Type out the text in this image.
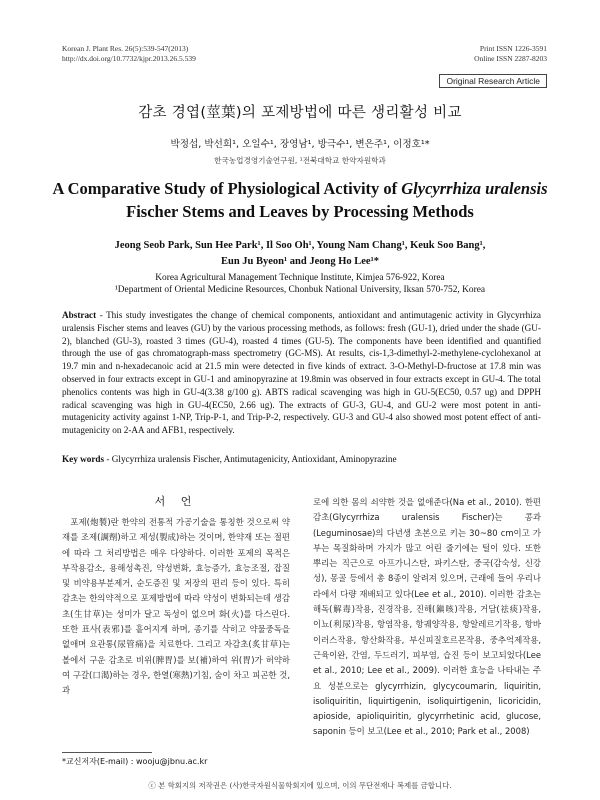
Korean J. Plant Res. 26(5):539-547(2013)
http://dx.doi.org/10.7732/kjpr.2013.26.5.539
Print ISSN 1226-3591
Online ISSN 2287-8203
Original Research Article
감초 경엽(莖葉)의 포제방법에 따른 생리활성 비교
박정섭, 박선희¹, 오일수¹, 장영남¹, 방극수¹, 변은주¹, 이정호¹*
한국농업경영기술연구원, ¹전북대학교 한약자원학과
A Comparative Study of Physiological Activity of Glycyrrhiza uralensis
Fischer Stems and Leaves by Processing Methods
Jeong Seob Park, Sun Hee Park¹, Il Soo Oh¹, Young Nam Chang¹, Keuk Soo Bang¹,
Eun Ju Byeon¹ and Jeong Ho Lee¹*
Korea Agricultural Management Technique Institute, Kimjea 576-922, Korea
¹Department of Oriental Medicine Resources, Chonbuk National University, Iksan 570-752, Korea
Abstract - This study investigates the change of chemical components, antioxidant and antimutagenic activity in Glycyrrhiza uralensis Fischer stems and leaves (GU) by the various processing methods, as follows: fresh (GU-1), dried under the shade (GU-2), blanched (GU-3), roasted 3 times (GU-4), roasted 4 times (GU-5). The components have been identified and quantified through the use of gas chromatograph-mass spectrometry (GC-MS). At results, cis-1,3-dimethyl-2-methylene-cyclohexanol at 19.7 min and n-hexadecanoic acid at 21.5 min were detected in five kinds of extract. 3-O-Methyl-D-fructose at 17.8 min was observed in four extracts except in GU-1 and aminopyrazine at 19.8min was observed in four extracts except in GU-4. The total phenolics contents was high in GU-4(3.38 g/100 g). ABTS radical scavenging was high in GU-5(EC50, 0.57 ug) and DPPH radical scavenging was high in GU-4(EC50, 2.66 ug). The extracts of GU-3, GU-4, and GU-2 were most potent in anti-mutagenicity activity against 1-NP, Trip-P-1, and Trip-P-2, respectively. GU-3 and GU-4 also showed most potent effect of anti-mutagenicity on 2-AA and AFB1, respectively.
Key words - Glycyrrhiza uralensis Fischer, Antimutagenicity, Antioxidant, Aminopyrazine
서 언

포제(炮製)란 한약의 전통적 가공기술을 통칭한 것으로써 약재를 조제(調劑)하고 제성(製成)하는 것이며, 한약재 또는 절편에 따라 그 처리방법은 매우 다양하다. 이러한 포제의 목적은 부작용감소, 용해성촉진, 약성변화, 효능증가, 효능조절, 잡질 및 비약용부분제거, 순도증진 및 저장의 편리 등이 있다. 특히 감초는 한의약적으로 포제방법에 따라 약성이 변화되는데 생감초(生甘草)는 성미가 달고 독성이 없으며 화(火)를 다스린다. 또한 표사(表邪)를 흩어지게 하며, 종기를 삭히고 약물중독을 없애며 요관통(尿管痛)을 치료한다. 그리고 자감초(炙甘草)는 볼에서 구운 감초로 비위(脾胃)를 보(補)하여 위(胃)가 허약하여 구갈(口渴)하는 경우, 한열(寒熱)기침, 숨이 차고 피곤한 것, 과

로에 의한 몸의 쇠약한 것을 없애준다(Na et al., 2010). 한편 감초(Glycyrrhiza uralensis Fischer)는 콩과(Leguminosae)의 다년생 초본으로 키는 30~80 cm이고 가부는 목질화하며 가지가 많고 어린 줄기에는 털이 있다. 또한 뿌리는 직근으로 아프가니스탄, 파키스탄, 중국(감숙성, 신강성), 몽골 등에서 총 8종이 알려져 있으며, 근래에 들어 우리나라에서 다량 재배되고 있다(Lee et al., 2010). 이러한 감초는 해독(解毒)작용, 진경작용, 진해(鎭咳)작용, 거담(祛痰)작용, 이뇨(利尿)작용, 항염작용, 항궤양작용, 항알레르기작용, 항바이러스작용, 항산화작용, 부신피질호르몬작용, 중추억제작용, 근육이완, 간염, 두드러기, 피부염, 습진 등이 보고되었다(Lee et al., 2010; Lee et al., 2009). 이러한 효능을 나타내는 주요 성분으로는 glycyrrhizin, glycycoumarin, liquiritin, isoliquiritin, liquirtigenin, isoliquirtigenin, licoricidin, apioside, apioliquiritin, glycyrrhetinic acid, glucose, saponin 등이 보고(Lee et al., 2010; Park et al., 2008)

*교신저자(E-mail) : wooju@jbnu.ac.kr
ⓒ 본 학회지의 저작권은 (사)한국자원식물학회지에 있으며, 이의 무단전재나 복제를 금합니다.
